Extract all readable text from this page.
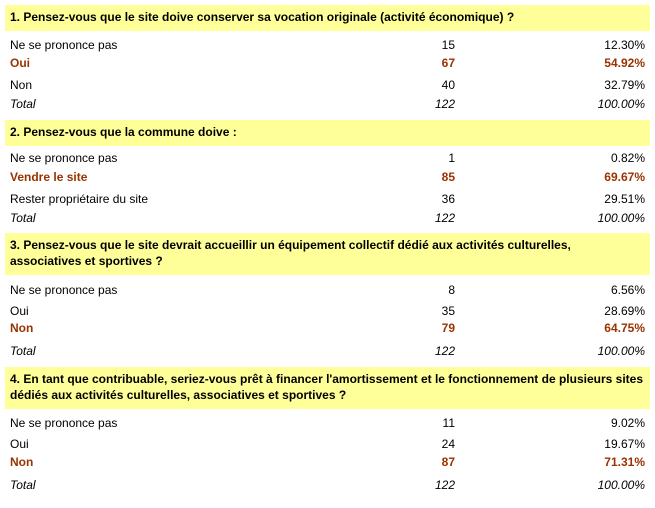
1. Pensez-vous que le site doive conserver sa vocation originale (activité économique) ?
Ne se prononce pas	15	12.30%
Oui	67	54.92%
Non	40	32.79%
Total	122	100.00%
2. Pensez-vous que la commune doive :
Ne se prononce pas	1	0.82%
Vendre le site	85	69.67%
Rester propriétaire du site	36	29.51%
Total	122	100.00%
3. Pensez-vous que le site devrait accueillir un équipement collectif dédié aux activités culturelles, associatives et sportives ?
Ne se prononce pas	8	6.56%
Oui	35	28.69%
Non	79	64.75%
Total	122	100.00%
4. En tant que contribuable, seriez-vous prêt à financer l'amortissement et le fonctionnement de plusieurs sites dédiés aux activités culturelles, associatives et sportives ?
Ne se prononce pas	11	9.02%
Oui	24	19.67%
Non	87	71.31%
Total	122	100.00%
